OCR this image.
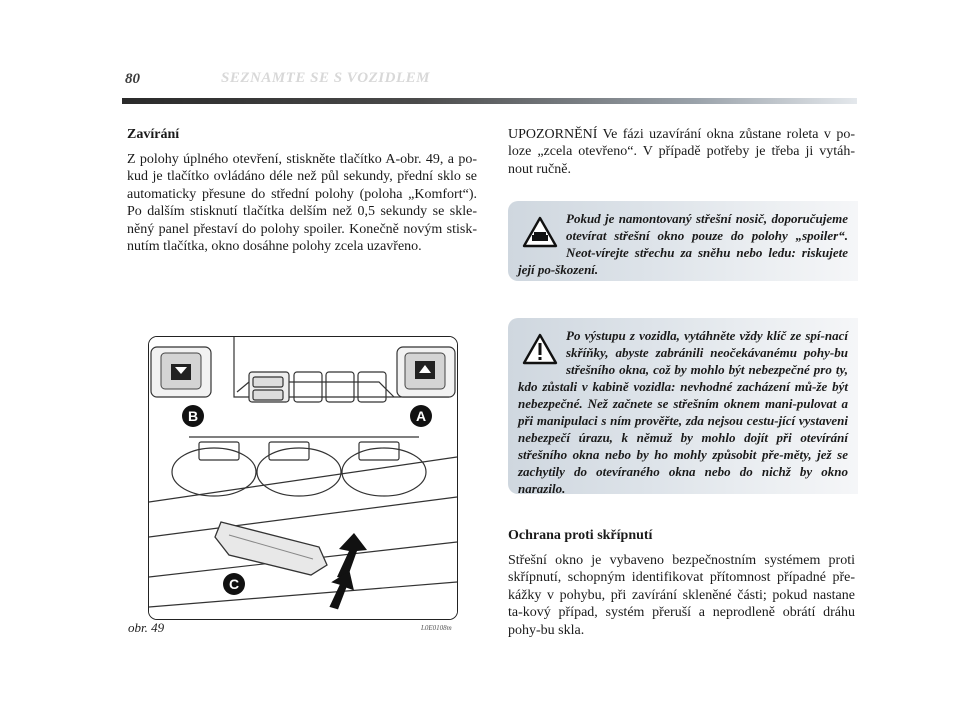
80	SEZNAMTE SE S VOZIDLEM

Zavírání

Z polohy úplného otevření, stiskněte tlačítko A-obr. 49, a po-kud je tlačítko ovládáno déle než půl sekundy, přední sklo se automaticky přesune do střední polohy (poloha „Komfort“). Po dalším stisknutí tlačítka delším než 0,5 sekundy se skle-něný panel přestaví do polohy spoiler. Konečně novým stisk-nutím tlačítka, okno dosáhne polohy zcela uzavřeno.

B	A
C
obr. 49	L0E0108m

UPOZORNĚNÍ Ve fázi uzavírání okna zůstane roleta v po-loze „zcela otevřeno“. V případě potřeby je třeba ji vytáh-nout ručně.

Pokud je namontovaný střešní nosič, doporučujeme otevírat střešní okno pouze do polohy „spoiler“. Neot-vírejte střechu za sněhu nebo ledu: riskujete její po-škození.

Po výstupu z vozidla, vytáhněte vždy klíč ze spí-nací skříňky, abyste zabránili neočekávanému pohy-bu střešního okna, což by mohlo být nebezpečné pro ty, kdo zůstali v kabině vozidla: nevhodné zacházení mů-že být nebezpečné. Než začnete se střešním oknem mani-pulovat a při manipulaci s ním prověřte, zda nejsou cestu-jící vystaveni nebezpečí úrazu, k němuž by mohlo dojít při otevírání střešního okna nebo by ho mohly způsobit pře-měty, jež se zachytily do otevíraného okna nebo do nichž by okno narazilo.

Ochrana proti skřípnutí

Střešní okno je vybaveno bezpečnostním systémem proti skřípnutí, schopným identifikovat přítomnost případné pře-kážky v pohybu, při zavírání skleněné části; pokud nastane ta-kový případ, systém přeruší a neprodleně obrátí dráhu pohy-bu skla.
